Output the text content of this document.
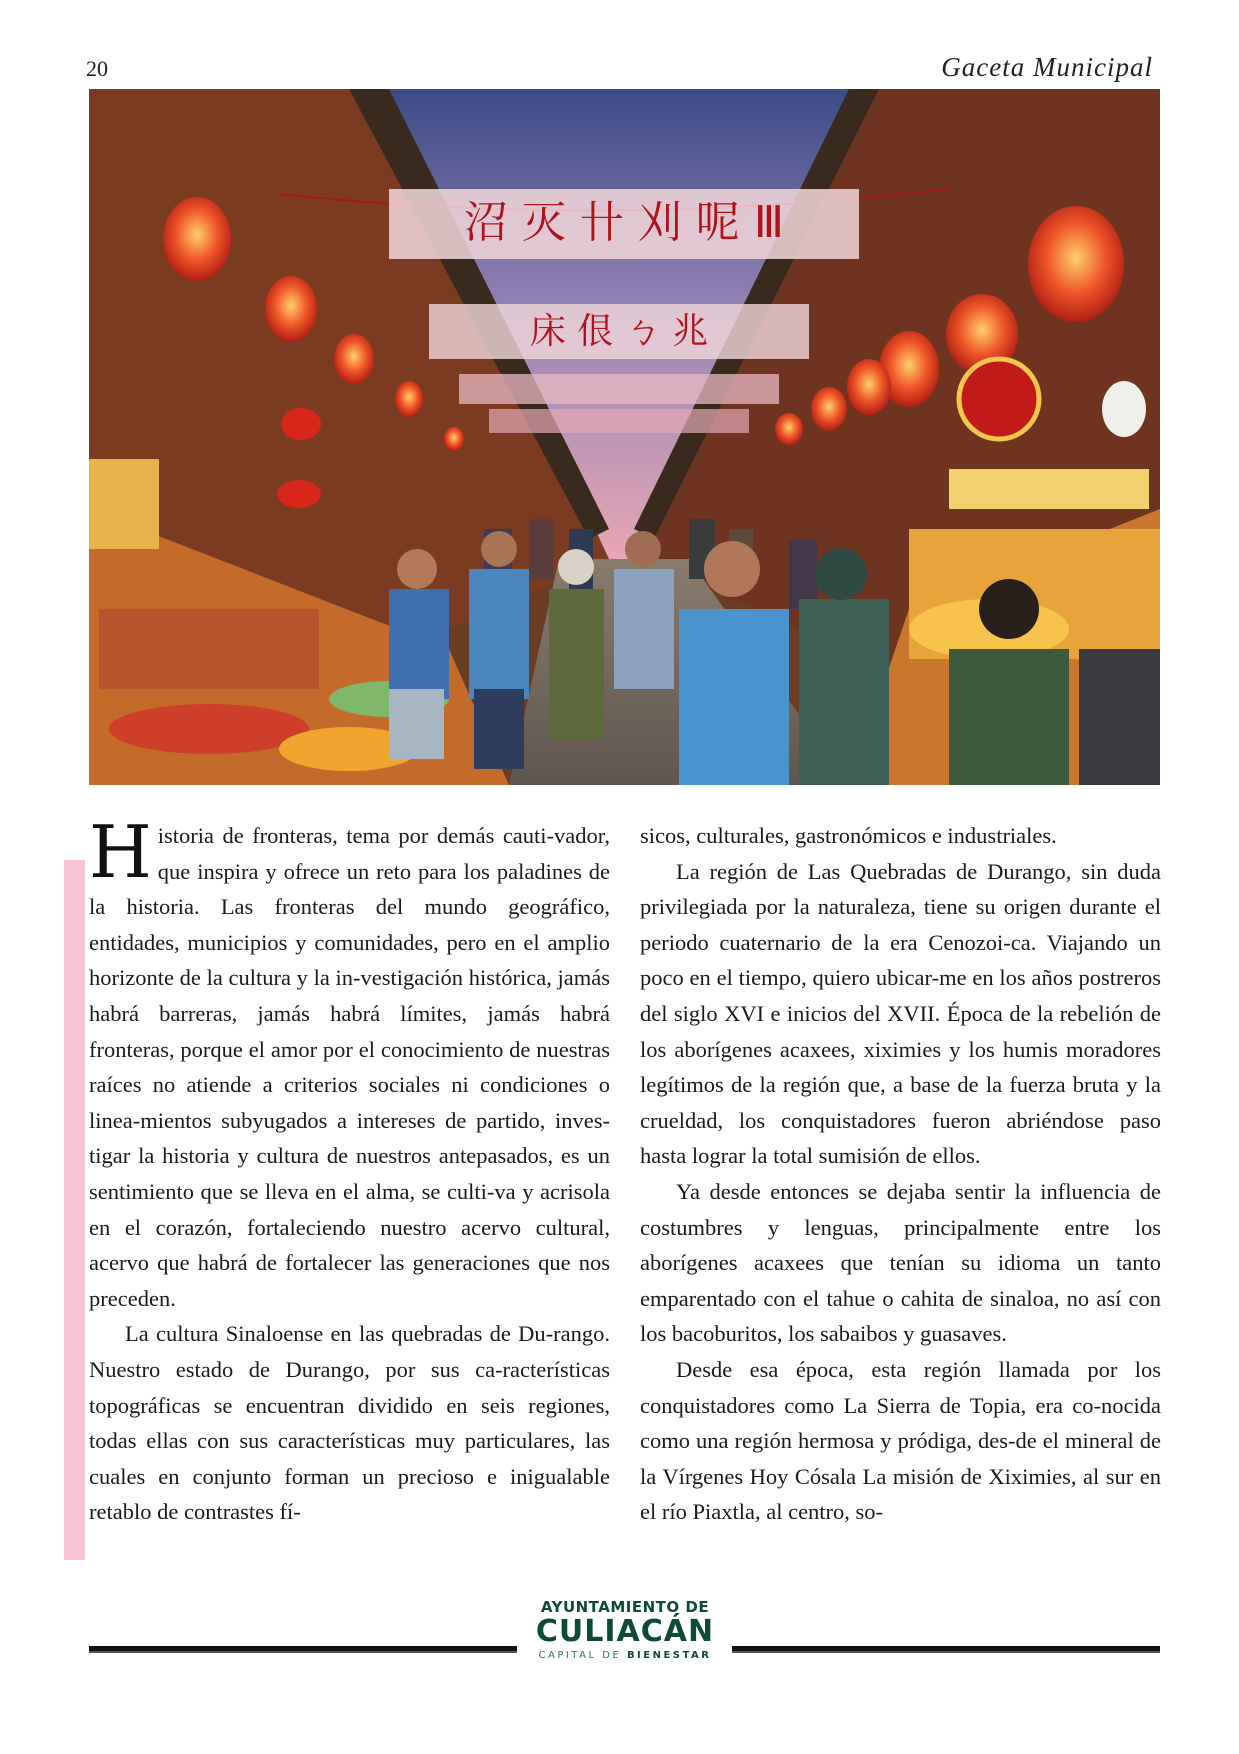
20	Gaceta Municipal
沼 灭 卄 刈 呢 Ⅲ
床 佷 ㄅ 兆

Historia de fronteras, tema por demás cauti-vador, que inspira y ofrece un reto para los paladines de la historia. Las fronteras del mundo geográfico, entidades, municipios y comunidades, pero en el amplio horizonte de la cultura y la in-vestigación histórica, jamás habrá barreras, jamás habrá límites, jamás habrá fronteras, porque el amor por el conocimiento de nuestras raíces no atiende a criterios sociales ni condiciones o linea-mientos subyugados a intereses de partido, inves-tigar la historia y cultura de nuestros antepasados, es un sentimiento que se lleva en el alma, se culti-va y acrisola en el corazón, fortaleciendo nuestro acervo cultural, acervo que habrá de fortalecer las generaciones que nos preceden.

La cultura Sinaloense en las quebradas de Du-rango. Nuestro estado de Durango, por sus ca-racterísticas topográficas se encuentran dividido en seis regiones, todas ellas con sus características muy particulares, las cuales en conjunto forman un precioso e inigualable retablo de contrastes fí-

sicos, culturales, gastronómicos e industriales.

La región de Las Quebradas de Durango, sin duda privilegiada por la naturaleza, tiene su origen durante el periodo cuaternario de la era Cenozoi-ca. Viajando un poco en el tiempo, quiero ubicar-me en los años postreros del siglo XVI e inicios del XVII. Época de la rebelión de los aborígenes acaxees, xiximies y los humis moradores legítimos de la región que, a base de la fuerza bruta y la crueldad, los conquistadores fueron abriéndose paso hasta lograr la total sumisión de ellos.

Ya desde entonces se dejaba sentir la influencia de costumbres y lenguas, principalmente entre los aborígenes acaxees que tenían su idioma un tanto emparentado con el tahue o cahita de sinaloa, no así con los bacoburitos, los sabaibos y guasaves.

Desde esa época, esta región llamada por los conquistadores como La Sierra de Topia, era co-nocida como una región hermosa y pródiga, des-de el mineral de la Vírgenes Hoy Cósala La misión de Xiximies, al sur en el río Piaxtla, al centro, so-

AYUNTAMIENTO DE
CULIACÁN
CAPITAL DE BIENESTAR
